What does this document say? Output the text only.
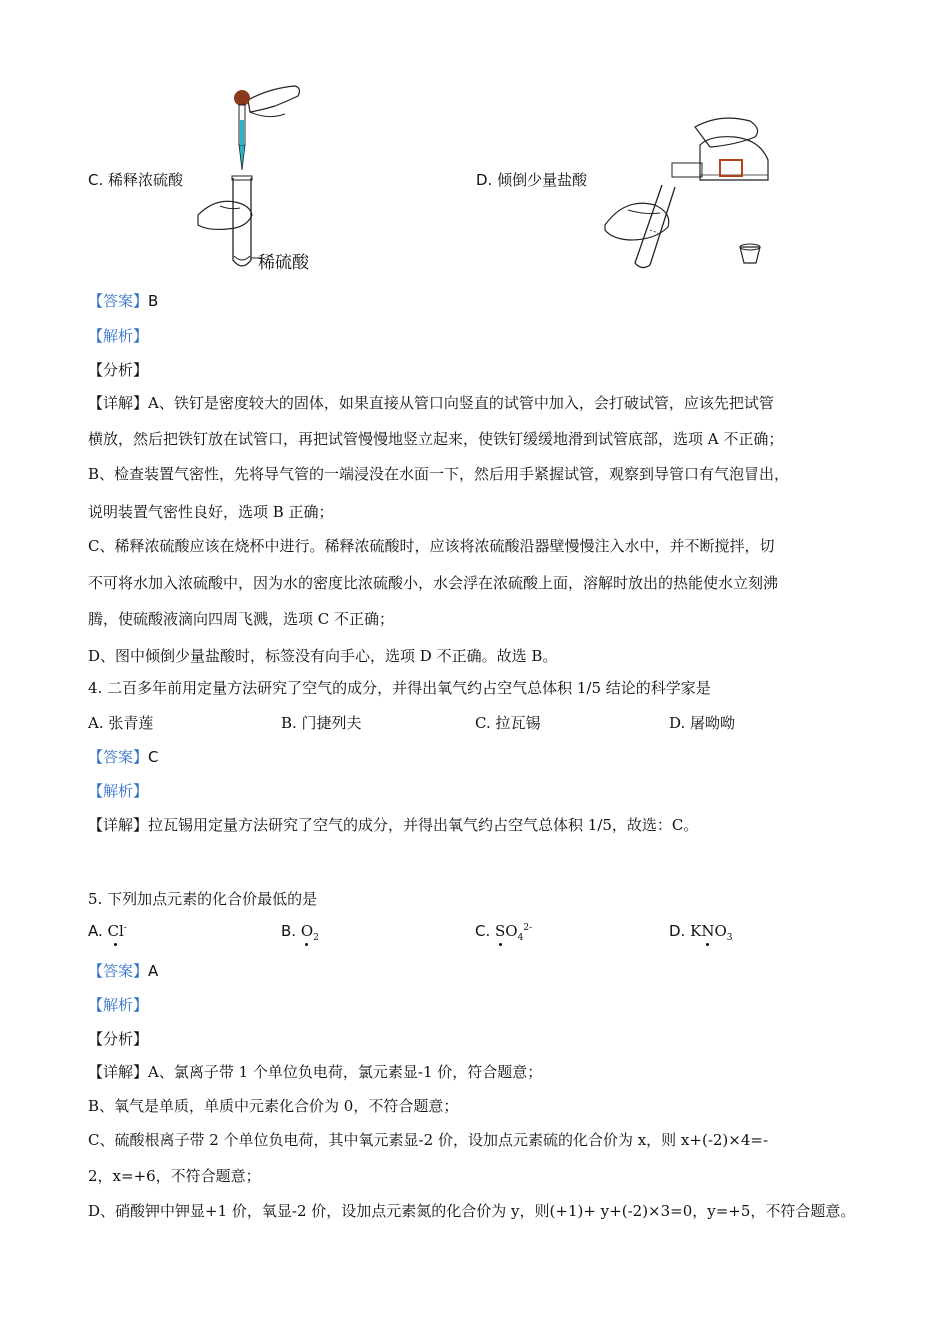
稀硫酸
C. 稀释浓硫酸	D. 倾倒少量盐酸
【答案】B
【解析】
【分析】
【详解】A、铁钉是密度较大的固体，如果直接从管口向竖直的试管中加入，会打破试管，应该先把试管
横放，然后把铁钉放在试管口，再把试管慢慢地竖立起来，使铁钉缓缓地滑到试管底部，选项 A 不正确；
B、检查装置气密性，先将导气管的一端浸没在水面一下，然后用手紧握试管，观察到导管口有气泡冒出，
说明装置气密性良好，选项 B 正确；
C、稀释浓硫酸应该在烧杯中进行。稀释浓硫酸时，应该将浓硫酸沿器壁慢慢注入水中，并不断搅拌，切
不可将水加入浓硫酸中，因为水的密度比浓硫酸小，水会浮在浓硫酸上面，溶解时放出的热能使水立刻沸
腾，使硫酸液滴向四周飞溅，选项 C 不正确；
D、图中倾倒少量盐酸时，标签没有向手心，选项 D 不正确。故选 B。
4. 二百多年前用定量方法研究了空气的成分，并得出氧气约占空气总体积 1/5 结论的科学家是
A. 张青莲	B. 门捷列夫	C. 拉瓦锡	D. 屠呦呦
【答案】C
【解析】
【详解】拉瓦锡用定量方法研究了空气的成分，并得出氧气约占空气总体积 1/5，故选：C。
5. 下列加点元素的化合价最低的是
A. Cl-	B. $O_2$	C. $SO_4^{2-}$	D. $KNO_3$
【答案】A
【解析】
【分析】
【详解】A、氯离子带 1 个单位负电荷，氯元素显-1 价，符合题意；
B、氧气是单质，单质中元素化合价为 0，不符合题意；
C、硫酸根离子带 2 个单位负电荷，其中氧元素显-2 价，设加点元素硫的化合价为 x，则 x+(-2)×4=-
2，x=+6，不符合题意；
D、硝酸钾中钾显+1 价，氧显-2 价，设加点元素氮的化合价为 y，则(+1)+ y+(-2)×3=0，y=+5，不符合题意。
